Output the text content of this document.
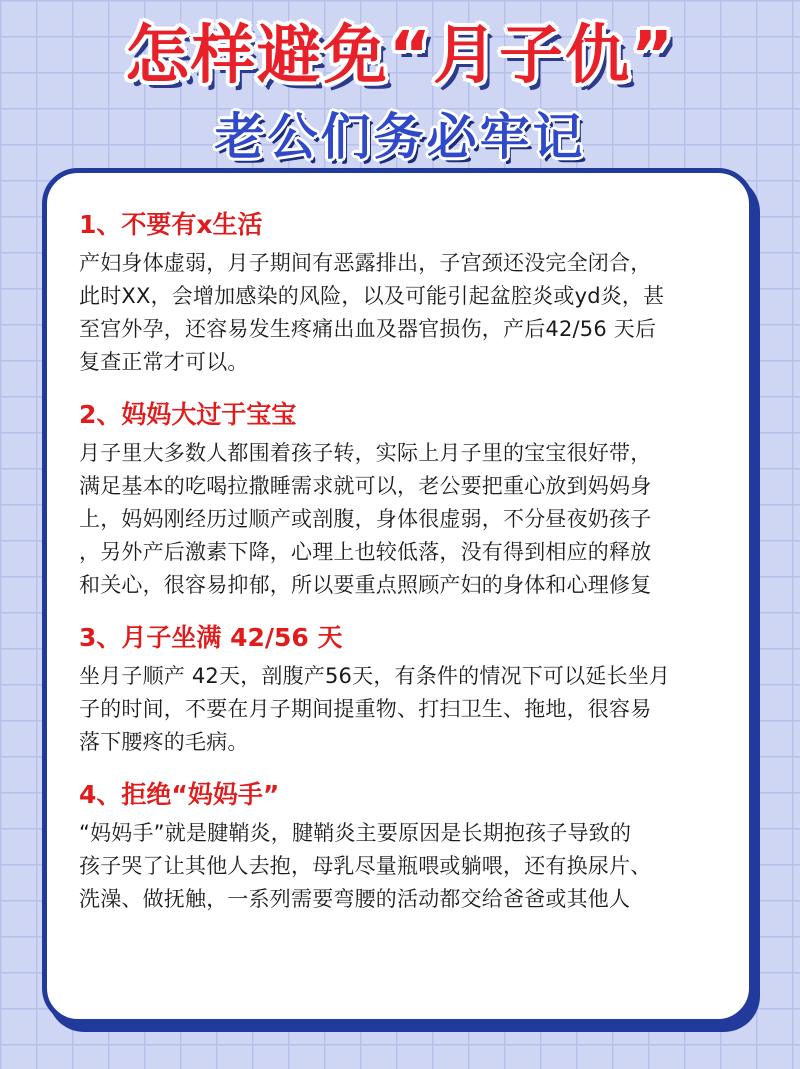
怎样避免“月子仇”
老公们务必牢记
1、不要有x生活
产妇身体虚弱，月子期间有恶露排出，子宫颈还没完全闭合，
此时XX，会增加感染的风险，以及可能引起盆腔炎或yd炎，甚
至宫外孕，还容易发生疼痛出血及器官损伤，产后42/56 天后
复查正常才可以。
2、妈妈大过于宝宝
月子里大多数人都围着孩子转，实际上月子里的宝宝很好带，
满足基本的吃喝拉撒睡需求就可以，老公要把重心放到妈妈身
上，妈妈刚经历过顺产或剖腹，身体很虚弱，不分昼夜奶孩子
，另外产后激素下降，心理上也较低落，没有得到相应的释放
和关心，很容易抑郁，所以要重点照顾产妇的身体和心理修复
3、月子坐满 42/56 天
坐月子顺产 42天，剖腹产56天，有条件的情况下可以延长坐月
子的时间，不要在月子期间提重物、打扫卫生、拖地，很容易
落下腰疼的毛病。
4、拒绝“妈妈手”
“妈妈手”就是腱鞘炎，腱鞘炎主要原因是长期抱孩子导致的
孩子哭了让其他人去抱，母乳尽量瓶喂或躺喂，还有换尿片、
洗澡、做抚触，一系列需要弯腰的活动都交给爸爸或其他人
